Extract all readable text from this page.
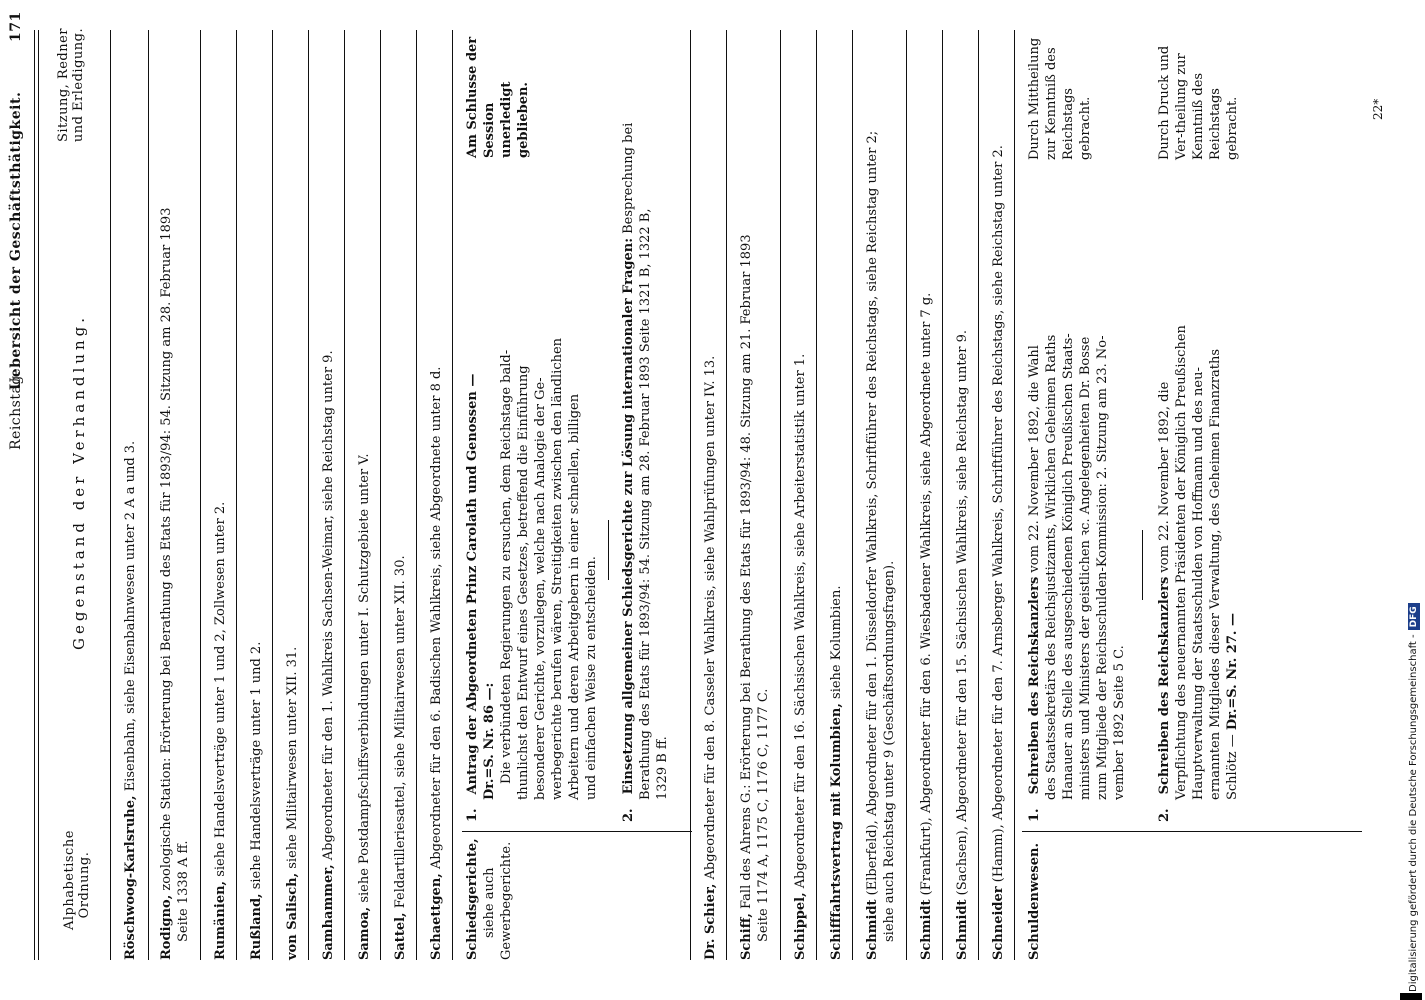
Reichstag.
Uebersicht der Geschäftsthätigkeit.
171
Alphabetische Ordnung.
Gegenstand der Verhandlung.
Sitzung, Redner und Erledigung.
Röschwoog-Karlsruhe, Eisenbahn, siehe Eisenbahnwesen unter 2 A a und 3.
Rodigno, zoologische Station: Erörterung bei Berathung des Etats für 1893/94: 54. Sitzung am 28. Februar 1893 Seite 1338 A ff. Rumänien, siehe Handelsverträge unter 1 und 2, Zollwesen unter 2.
Rußland, siehe Handelsverträge unter 1 und 2.
von Salisch, siehe Militairwesen unter XII. 31.
Samhammer, Abgeordneter für den 1. Wahlkreis Sachsen-Weimar, siehe Reichstag unter 9.
Samoa, siehe Postdampfschiffsverbindungen unter I. Schutzgebiete unter V.
Sattel, Feldartilleriesattel, siehe Militairwesen unter XII. 30.
Schaettgen, Abgeordneter für den 6. Badischen Wahlkreis, siehe Abgeordnete unter 8 d.
Schiedsgerichte, siehe auch Gewerbegerichte.
1.Antrag der Abgeordneten Prinz Carolath und Genossen — Dr.=S. Nr. 86 —: Die verbündeten Regierungen zu ersuchen, dem Reichstage bald- thunlichst den Entwurf eines Gesetzes, betreffend die Einführung besonderer Gerichte, vorzulegen, welche nach Analogie der Ge- werbegerichte berufen wären, Streitigkeiten zwischen den ländlichen Arbeitern und deren Arbeitgebern in einer schnellen, billigen und einfachen Weise zu entscheiden.
Am Schlusse der Session unerledigt geblieben.
2.Einsetzung allgemeiner Schiedsgerichte zur Lösung internationaler Fragen: Besprechung bei
Berathung des Etats für 1893/94: 54. Sitzung am 28. Februar 1893 Seite 1321 B, 1322 B, 1329 B ff.
Dr. Schier, Abgeordneter für den 8. Casseler Wahlkreis, siehe Wahlprüfungen unter IV. 13.
Schiff, Fall des Ahrens G.: Erörterung bei Berathung des Etats für 1893/94: 48. Sitzung am 21. Februar 1893 Seite 1174 A, 1175 C, 1176 C, 1177 C. Schippel, Abgeordneter für den 16. Sächsischen Wahlkreis, siehe Arbeiterstatistik unter 1. Schifffahrtsvertrag mit Kolumbien, siehe Kolumbien.
Schmidt (Elberfeld), Abgeordneter für den 1. Düsseldorfer Wahlkreis, Schriftführer des Reichstags, siehe Reichstag unter 2; siehe auch Reichstag unter 9 (Geschäftsordnungsfragen). Schmidt (Frankfurt), Abgeordneter für den 6. Wiesbadener Wahlkreis, siehe Abgeordnete unter 7 g.
Schmidt (Sachsen), Abgeordneter für den 15. Sächsischen Wahlkreis, siehe Reichstag unter 9.
Schneider (Hamm), Abgeordneter für den 7. Arnsberger Wahlkreis, Schriftführer des Reichstags, siehe Reichstag unter 2.
Schuldenwesen.
1.Schreiben des Reichskanzlers vom 22. November 1892, die Wahl des Staatssekretärs des Reichsjustizamts, Wirklichen Geheimen Raths Hanauer an Stelle des ausgeschiedenen Königlich Preußischen Staats- ministers und Ministers der geistlichen ꝛc. Angelegenheiten Dr. Bosse zum Mitgliede der Reichsschulden-Kommission: 2. Sitzung am 23. No- vember 1892 Seite 5 C.
Durch Mittheilung zur Kenntniß des Reichstags gebracht.
2.Schreiben des Reichskanzlers vom 22. November 1892, die Verpflichtung des neuernannten Präsidenten der Königlich Preußischen Hauptverwaltung der Staatsschulden von Hoffmann und des neu- ernannten Mitgliedes dieser Verwaltung, des Geheimen Finanzraths Schlötz — Dr.=S. Nr. 27. —
Durch Druck und Ver-theilung zur Kenntniß des Reichstags gebracht.	22*
Digitalisierung gefördert durch die Deutsche Forschungsgemeinschaft -DFG
